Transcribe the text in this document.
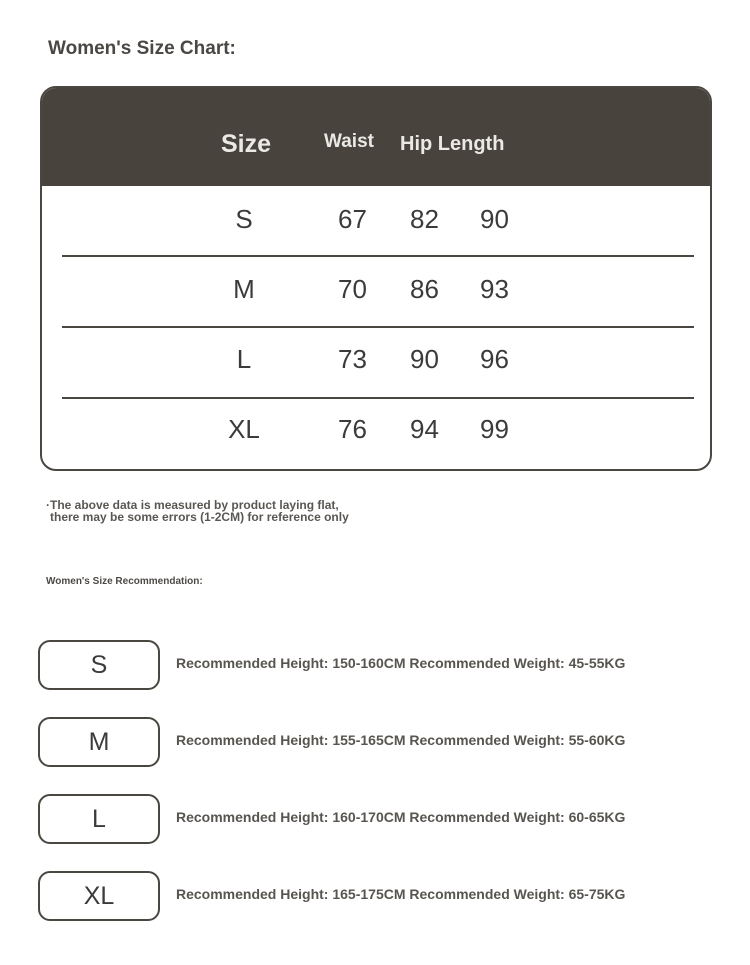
Women's Size Chart:
Size	Waist Hip Length
S	67 82 90
M	70 86 93
L	73 90 96
XL	76 94 99
·The above data is measured by product laying flat,
there may be some errors (1-2CM) for reference only
Women's Size Recommendation:
S	Recommended Height: 150-160CM Recommended Weight: 45-55KG
M	Recommended Height: 155-165CM Recommended Weight: 55-60KG
L	Recommended Height: 160-170CM Recommended Weight: 60-65KG
XL	Recommended Height: 165-175CM Recommended Weight: 65-75KG
